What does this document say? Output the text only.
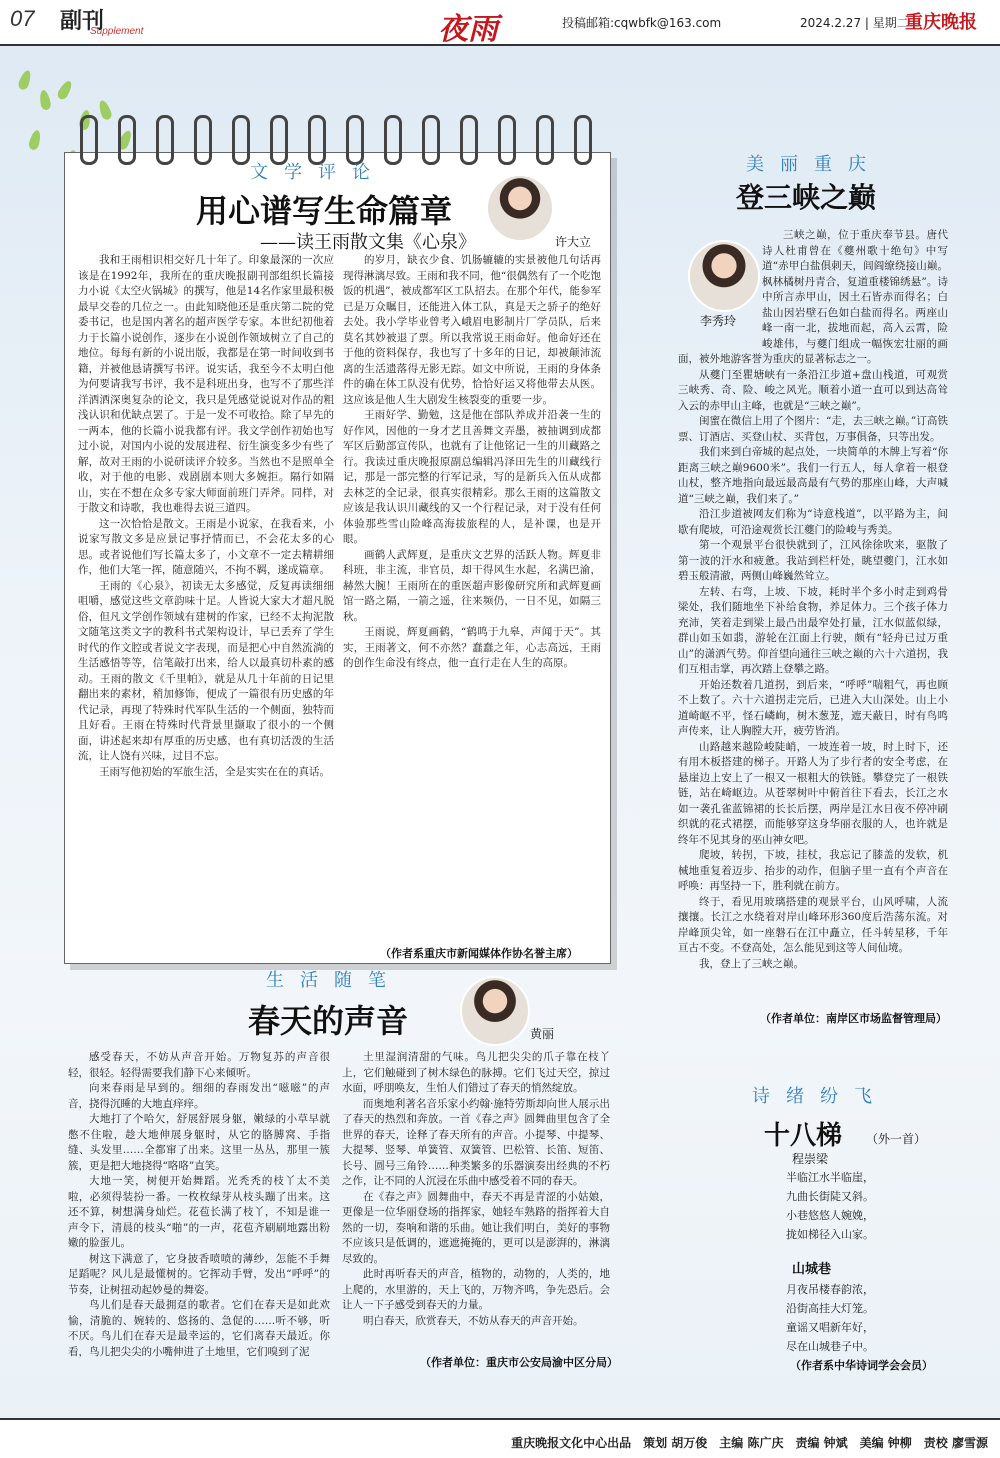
07 副刊
Supplement	夜雨	投稿邮箱:cqwbfk@163.com	2024.2.27 | 星期二
重庆晚报
文学评论
用心谱写生命篇章
——读王雨散文集《心泉》	许大立

我和王雨相识相交好几十年了。印象最深的一次应该是在1992年，我所在的重庆晚报副刊部组织长篇接力小说《太空火锅城》的撰写，他是14名作家里最积极最早交卷的几位之一。由此知晓他还是重庆第二院的党委书记，也是国内著名的超声医学专家。本世纪初他着力于长篇小说创作，逐步在小说创作领域树立了自己的地位。每每有新的小说出版，我都是在第一时间收到书籍，并被他恳请撰写书评。说实话，我至今不太明白他为何要请我写书评，我不是科班出身，也写不了那些洋洋洒洒深奥复杂的论文，我只是凭感觉说说对作品的粗浅认识和优缺点罢了。于是一发不可收拾。除了早先的一两本，他的长篇小说我都有评。我文学创作初始也写过小说，对国内小说的发展进程、衍生演变多少有些了解，故对王雨的小说研读评介较多。当然也不是照单全收，对于他的电影、戏剧剧本则大多婉拒。隔行如隔山，实在不想在众多专家大师面前班门弄斧。同样，对于散文和诗歌，我也难得去说三道四。

这一次恰恰是散文。王雨是小说家，在我看来，小说家写散文多是应景记事抒情而已，不会花太多的心思。或者说他们写长篇太多了，小文章不一定去精耕细作，他们大笔一挥，随意随兴，不拘不羁，遂成篇章。

王雨的《心泉》，初读无太多感觉，反复再读细细咀嚼，感觉这些文章韵味十足。人皆说大家大才超凡脱俗，但凡文学创作领域有建树的作家，已经不太拘泥散文随笔这类文字的教科书式架构设计，早已丢弃了学生时代的作文腔或者说文字表现，而是把心中自然流淌的生活感悟等等，信笔敲打出来，给人以最真切朴素的感动。王雨的散文《千里帕》，就是从几十年前的日记里翻出来的素材，稍加修饰，便成了一篇很有历史感的年代记录，再现了特殊时代军队生活的一个侧面，独特而且好看。王雨在特殊时代背景里撷取了很小的一个侧面，讲述起来却有厚重的历史感，也有真切活泼的生活流，让人饶有兴味，过目不忘。

王雨写他初始的军旅生活，全是实实在在的真话。

的岁月，缺衣少食、饥肠辘辘的实景被他几句话再现得淋漓尽致。王雨和我不同，他“很偶然有了一个吃饱饭的机遇”，被成都军区工队招去。在那个年代，能参军已是万众瞩目，还能进入体工队，真是天之骄子的绝好去处。我小学毕业曾考入峨眉电影制片厂学员队，后来莫名其妙被退了票。所以我常说王雨命好。他命好还在于他的资料保存，我也写了十多年的日记，却被颠沛流离的生活遗落得无影无踪。如文中所说，王雨的身体条件的确在体工队没有优势，恰恰好运又将他带去从医。这应该是他人生大剧发生核裂变的重要一步。

王雨好学、勤勉，这是他在部队养成并沿袭一生的好作风，因他的一身才艺且善舞文弄墨，被抽调到成都军区后勤部宣传队，也就有了让他铭记一生的川藏路之行。我读过重庆晚报原副总编辑冯泽田先生的川藏线行记，那是一部完整的行军记录，写的是新兵入伍从成都去林芝的全记录，很真实很精彩。那么王雨的这篇散文应该是我认识川藏线的又一个行程记录，对于没有任何体验那些雪山险峰高海拔旅程的人，是补课，也是开眼。

画鹤人武辉夏，是重庆文艺界的活跃人物。辉夏非科班，非主流，非官员，却干得风生水起，名满巴渝，赫然大腕！王雨所在的重医超声影像研究所和武辉夏画馆一路之隔，一箭之遥，往来频仍，一日不见，如隔三秋。

王雨说，辉夏画鹤，“鹤鸣于九皋，声闻于天”。其实，王雨著文，何不亦然？蠢蠢之年，心志高远，王雨的创作生命没有终点，他一直行走在人生的高原。

（作者系重庆市新闻媒体作协名誉主席）
生活随笔
春天的声音	黄丽

感受春天，不妨从声音开始。万物复苏的声音很轻，很轻。轻得需要我们静下心来倾听。

向来春雨是早到的。细细的春雨发出“嗞嗞”的声音，挠得沉睡的大地直痒痒。

大地打了个哈欠，舒展舒展身躯，嫩绿的小草早就憋不住啦，趁大地伸展身躯时，从它的胳膊窝、手指缝、头发里……全都窜了出来。这里一丛丛，那里一簇簇，更是把大地挠得“咯咯”直笑。

大地一笑，树便开始舞蹈。光秃秃的枝丫太不美啦，必须得装扮一番。一枚枚绿芽从枝头蹦了出来。这还不算，树想满身灿烂。花苞长满了枝丫，不知是谁一声令下，清晨的枝头“啪”的一声，花苞齐刷刷地露出粉嫩的脸蛋儿。

树这下满意了，它身披香喷喷的薄纱，怎能不手舞足蹈呢？风儿是最懂树的。它挥动手臂，发出“呼呼”的节奏，让树扭动起妙曼的舞姿。

鸟儿们是春天最拥趸的歌者。它们在春天是如此欢愉，清脆的、婉转的、悠扬的、急促的……听不够，听不厌。鸟儿们在春天是最幸运的，它们离春天最近。你看，鸟儿把尖尖的小嘴伸进了土地里，它们嗅到了泥

土里湿润清甜的气味。鸟儿把尖尖的爪子靠在枝丫上，它们触碰到了树木绿色的脉搏。它们飞过天空，掠过水面，呼朋唤友，生怕人们错过了春天的悄然绽放。

而奥地利著名音乐家小约翰·施特劳斯却向世人展示出了春天的热烈和奔放。一首《春之声》圆舞曲里包含了全世界的春天，诠释了春天所有的声音。小提琴、中提琴、大提琴、竖琴、单簧管、双簧管、巴松管、长笛、短笛、长号、圆号三角铃……种类繁多的乐器演奏出经典的不朽之作，让不同的人沉浸在乐曲中感受着不同的春天。

在《春之声》圆舞曲中，春天不再是青涩的小姑娘，更像是一位华丽登场的指挥家，她轻车熟路的指挥着大自然的一切，奏响和谐的乐曲。她让我们明白，美好的事物不应该只是低调的，遮遮掩掩的，更可以是澎湃的，淋漓尽致的。

此时再听春天的声音，植物的，动物的，人类的，地上爬的，水里游的，天上飞的，万物齐鸣，争先恐后。会让人一下子感受到春天的力量。

明白春天，欣赏春天，不妨从春天的声音开始。

（作者单位：重庆市公安局渝中区分局）
美丽重庆
登三峡之巅
李秀玲

三峡之巅，位于重庆奉节县。唐代诗人杜甫曾在《夔州歌十绝句》中写道“赤甲白盐俱刺天，闾阎缭绕接山巅。枫林橘树丹青合，复道重楼锦绣悬”。诗中所言赤甲山，因土石皆赤而得名；白盐山因岩壁石色如白盐而得名。两座山峰一南一北，拔地而起，高入云霄，险峻雄伟，与夔门组成一幅恢宏壮丽的画面，被外地游客誉为重庆的显著标志之一。

从夔门至瞿塘峡有一条沿江步道+盘山栈道，可观赏三峡秀、奇、险、峻之风光。顺着小道一直可以到达高耸入云的赤甲山主峰，也就是“三峡之巅”。

闺蜜在微信上用了个图片：“走，去三峡之巅。”订高铁票、订酒店、买登山杖、买背包，万事俱备，只等出发。

我们来到白帝城的起点处，一块简单的木牌上写着“你距离三峡之巅9600米”。我们一行五人，每人拿着一根登山杖，整齐地指向最远最高最有气势的那座山峰，大声喊道“三峡之巅，我们来了。”

沿江步道被网友们称为“诗意栈道”，以平路为主，间歇有爬坡，可沿途观赏长江夔门的险峻与秀美。

第一个观景平台很快就到了，江风徐徐吹来，驱散了第一波的汗水和疲惫。我站到栏杆处，眺望夔门，江水如碧玉般清澈，两侧山峰巍然耸立。

左转、右弯，上坡、下坡，耗时半个多小时走到鸡骨梁处，我们随地坐下补给食物，养足体力。三个孩子体力充沛，笑着走到梁上最凸出最窄处打量，江水似蓝似绿，群山如玉如翡，游轮在江面上行驶，颇有“轻舟已过万重山”的潇洒气势。仰首望向通往三峡之巅的六十六道拐，我们互相击掌，再次踏上登攀之路。

开始还数着几道拐，到后来，“呼呼”喘粗气，再也顾不上数了。六十六道拐走完后，已进入大山深处。山上小道崎岖不平，怪石嶙峋，树木葱茏，遮天蔽日，时有鸟鸣声传来，让人胸膛大开，疲劳皆消。

山路越来越险峻陡峭，一坡连着一坡，时上时下，还有用木板搭建的梯子。开路人为了步行者的安全考虑，在悬崖边上安上了一根又一根粗大的铁链。攀登完了一根铁链，站在崎岖边。从苍翠树叶中俯首往下看去，长江之水如一袭孔雀蓝锦裙的长长后摆，两岸是江水日夜不停冲刷织就的花式裙摆，而能够穿这身华丽衣服的人，也许就是终年不见其身的巫山神女吧。

爬坡，转拐，下坡，挂杖，我忘记了膝盖的发软，机械地重复着迈步、抬步的动作，但脑子里一直有个声音在呼唤：再坚持一下，胜利就在前方。

终于，看见用玻璃搭建的观景平台，山风呼啸，人流攘攘。长江之水绕着对岸山峰环形360度后浩荡东流。对岸峰顶尖耸，如一座磐石在江中矗立，任斗转星移，千年亘古不变。不登高处，怎么能见到这等人间仙境。

我，登上了三峡之巅。

（作者单位：南岸区市场监督管理局）
诗绪纷飞
十八梯 （外一首）
程崇梁
半临江水半临崖，
九曲长街陡又斜。
小巷悠悠人婉娩，
拢如梯径入山家。
山城巷
月夜吊楼春韵浓，
沿街高挂大灯笼。
童谣又唱新年好，
尽在山城巷子中。
（作者系中华诗词学会会员）
重庆晚报文化中心出品　策划 胡万俊　主编 陈广庆　责编 钟斌　美编 钟柳　责校 廖雪源
